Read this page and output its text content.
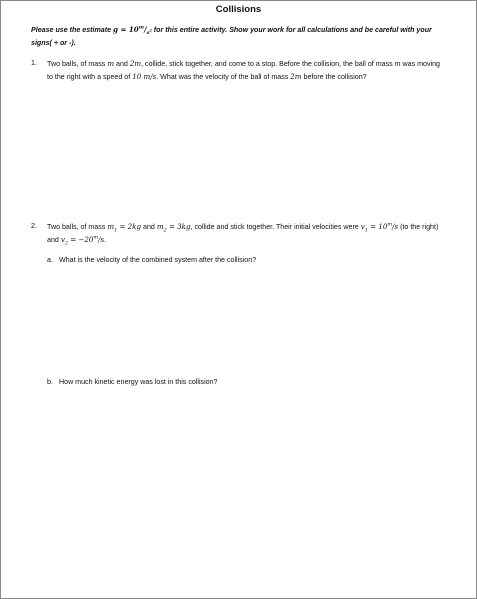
Collisions
Please use the estimate $g = 10^m/_{s^2}$ for this entire activity. Show your work for all calculations and be careful with your signs( + or -).
1.	Two balls, of mass m and 2m, collide, stick together, and come to a stop. Before the collision, the ball of mass m was moving to the right with a speed of 10 m/s. What was the velocity of the ball of mass 2m before the collision?
2.	Two balls, of mass $m_1 = 2kg$ and $m_2 = 3kg$, collide and stick together. Their initial velocities were $v_1 = 10^m/s$ (to the right) and $v_2 = -20^m/s$.
a. What is the velocity of the combined system after the collision?
b. How much kinetic energy was lost in this collision?
